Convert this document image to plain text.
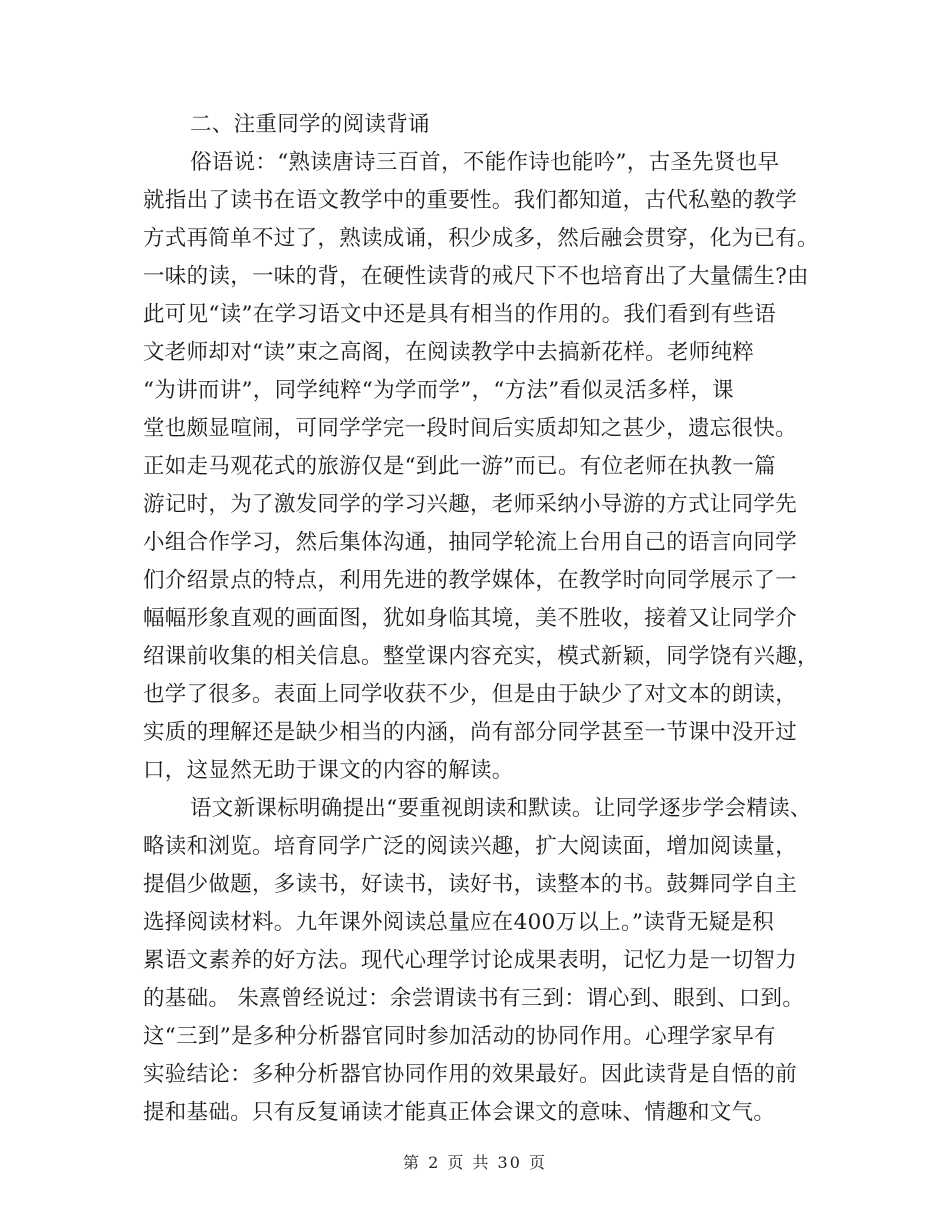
二、注重同学的阅读背诵
俗语说：“熟读唐诗三百首，不能作诗也能吟”，古圣先贤也早
就指出了读书在语文教学中的重要性。我们都知道，古代私塾的教学
方式再简单不过了，熟读成诵，积少成多，然后融会贯穿，化为已有。
一味的读，一味的背，在硬性读背的戒尺下不也培育出了大量儒生?由
此可见“读”在学习语文中还是具有相当的作用的。我们看到有些语
文老师却对“读”束之高阁，在阅读教学中去搞新花样。老师纯粹
“为讲而讲”，同学纯粹“为学而学”，“方法”看似灵活多样，课
堂也颇显喧闹，可同学学完一段时间后实质却知之甚少，遗忘很快。
正如走马观花式的旅游仅是“到此一游”而已。有位老师在执教一篇
游记时，为了激发同学的学习兴趣，老师采纳小导游的方式让同学先
小组合作学习，然后集体沟通，抽同学轮流上台用自己的语言向同学
们介绍景点的特点，利用先进的教学媒体，在教学时向同学展示了一
幅幅形象直观的画面图，犹如身临其境，美不胜收，接着又让同学介
绍课前收集的相关信息。整堂课内容充实，模式新颖，同学饶有兴趣，
也学了很多。表面上同学收获不少，但是由于缺少了对文本的朗读，
实质的理解还是缺少相当的内涵，尚有部分同学甚至一节课中没开过
口，这显然无助于课文的内容的解读。
语文新课标明确提出“要重视朗读和默读。让同学逐步学会精读、
略读和浏览。培育同学广泛的阅读兴趣，扩大阅读面，增加阅读量，
提倡少做题，多读书，好读书，读好书，读整本的书。鼓舞同学自主
选择阅读材料。九年课外阅读总量应在400万以上。”读背无疑是积
累语文素养的好方法。现代心理学讨论成果表明，记忆力是一切智力
的基础。 朱熹曾经说过：余尝谓读书有三到：谓心到、眼到、口到。
这“三到”是多种分析器官同时参加活动的协同作用。心理学家早有
实验结论：多种分析器官协同作用的效果最好。因此读背是自悟的前
提和基础。只有反复诵读才能真正体会课文的意味、情趣和文气。
第 2 页 共 30 页
